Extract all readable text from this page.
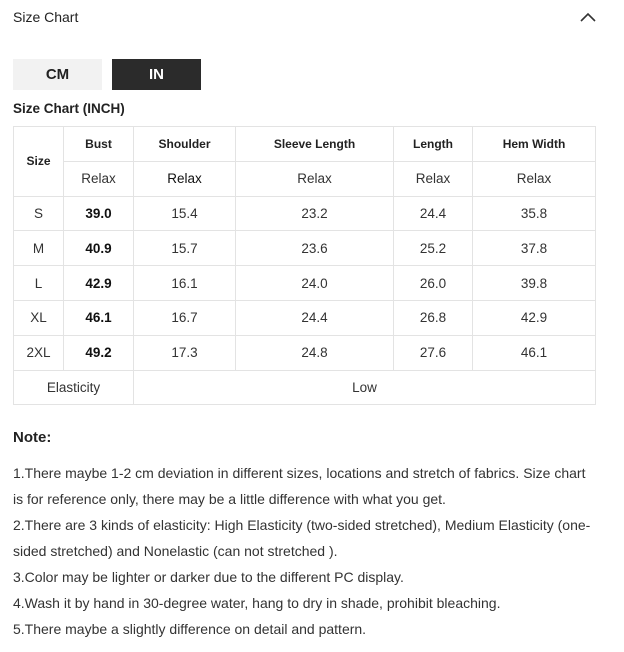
Size Chart
CM	IN
Size Chart (INCH)
Size	Bust	Shoulder	Sleeve Length	Length	Hem Width
	Relax	Relax	Relax	Relax	Relax
S	39.0	15.4	23.2	24.4	35.8
M	40.9	15.7	23.6	25.2	37.8
L	42.9	16.1	24.0	26.0	39.8
XL	46.1	16.7	24.4	26.8	42.9
2XL	49.2	17.3	24.8	27.6	46.1
Elasticity		Low			
Note:

1.There maybe 1-2 cm deviation in different sizes, locations and stretch of fabrics. Size chart is for reference only, there may be a little difference with what you get.

2.There are 3 kinds of elasticity: High Elasticity (two-sided stretched), Medium Elasticity (one-sided stretched) and Nonelastic (can not stretched ).

3.Color may be lighter or darker due to the different PC display.

4.Wash it by hand in 30-degree water, hang to dry in shade, prohibit bleaching.

5.There maybe a slightly difference on detail and pattern.
